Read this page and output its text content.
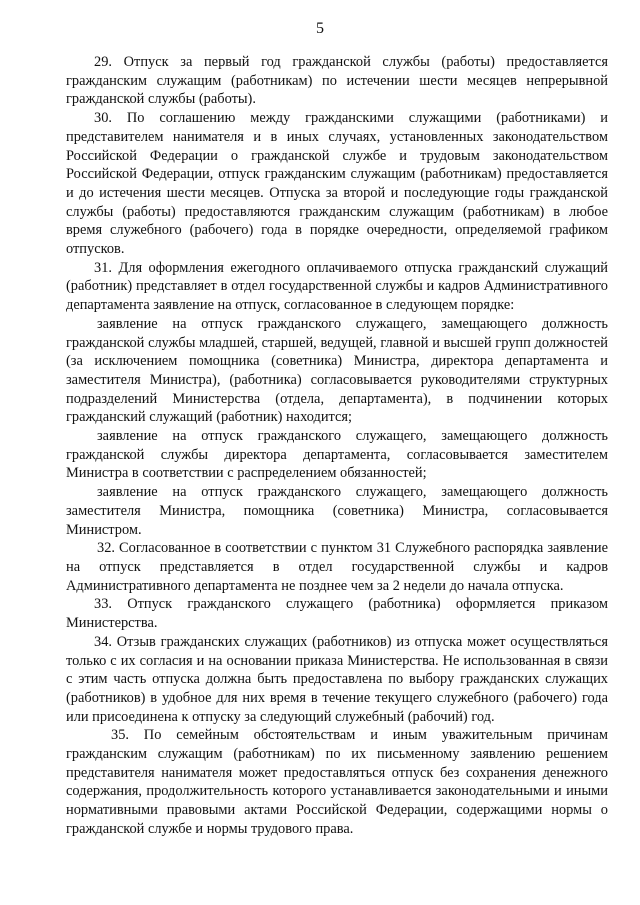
5

29. Отпуск за первый год гражданской службы (работы) предоставляется гражданским служащим (работникам) по истечении шести месяцев непрерывной гражданской службы (работы).

30. По соглашению между гражданскими служащими (работниками) и представителем нанимателя и в иных случаях, установленных законодательством Российской Федерации о гражданской службе и трудовым законодательством Российской Федерации, отпуск гражданским служащим (работникам) предоставляется и до истечения шести месяцев. Отпуска за второй и последующие годы гражданской службы (работы) предоставляются гражданским служащим (работникам) в любое время служебного (рабочего) года в порядке очередности, определяемой графиком отпусков.

31. Для оформления ежегодного оплачиваемого отпуска гражданский служащий (работник) представляет в отдел государственной службы и кадров Административного департамента заявление на отпуск, согласованное в следующем порядке:

заявление на отпуск гражданского служащего, замещающего должность гражданской службы младшей, старшей, ведущей, главной и высшей групп должностей (за исключением помощника (советника) Министра, директора департамента и заместителя Министра), (работника) согласовывается руководителями структурных подразделений Министерства (отдела, департамента), в подчинении которых гражданский служащий (работник) находится;

заявление на отпуск гражданского служащего, замещающего должность гражданской службы директора департамента, согласовывается заместителем Министра в соответствии с распределением обязанностей;

заявление на отпуск гражданского служащего, замещающего должность заместителя Министра, помощника (советника) Министра, согласовывается Министром.

32. Согласованное в соответствии с пунктом 31 Служебного распорядка заявление на отпуск представляется в отдел государственной службы и кадров Административного департамента не позднее чем за 2 недели до начала отпуска.

33. Отпуск гражданского служащего (работника) оформляется приказом Министерства.

34. Отзыв гражданских служащих (работников) из отпуска может осуществляться только с их согласия и на основании приказа Министерства. Не использованная в связи с этим часть отпуска должна быть предоставлена по выбору гражданских служащих (работников) в удобное для них время в течение текущего служебного (рабочего) года или присоединена к отпуску за следующий служебный (рабочий) год.

35. По семейным обстоятельствам и иным уважительным причинам гражданским служащим (работникам) по их письменному заявлению решением представителя нанимателя может предоставляться отпуск без сохранения денежного содержания, продолжительность которого устанавливается законодательными и иными нормативными правовыми актами Российской Федерации, содержащими нормы о гражданской службе и нормы трудового права.
